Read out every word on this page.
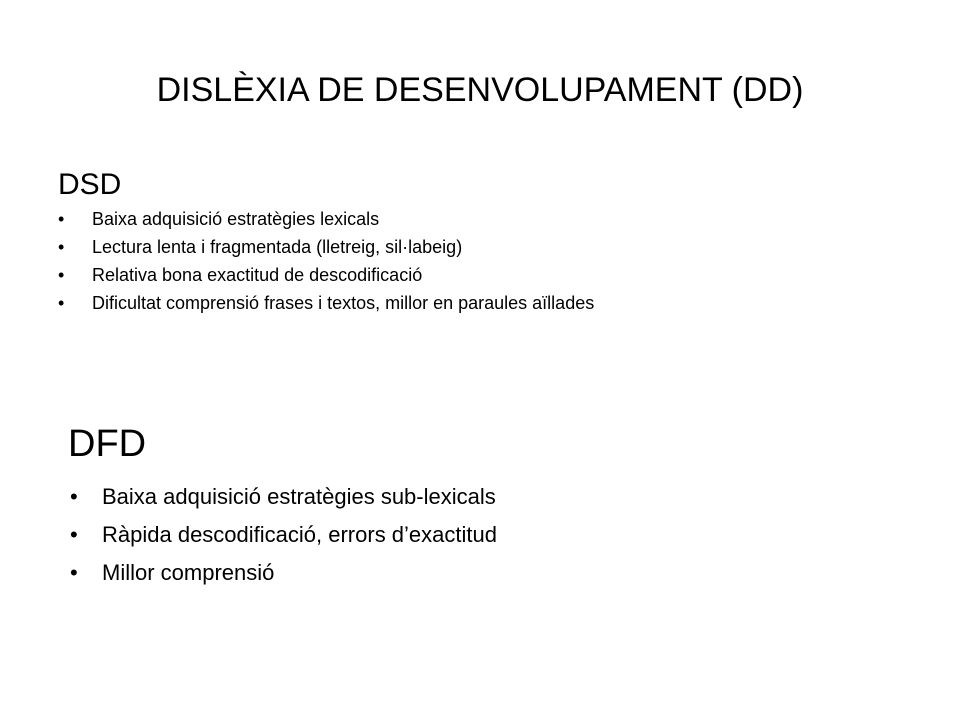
DISLÈXIA DE DESENVOLUPAMENT (DD)
DSD
•	Baixa adquisició estratègies lexicals
•	Lectura lenta i fragmentada (lletreig, sil·labeig)
•	Relativa bona exactitud de descodificació
•	Dificultat comprensió frases i textos, millor en paraules aïllades
DFD
•	Baixa adquisició estratègies sub-lexicals
•	Ràpida descodificació, errors d’exactitud
•	Millor comprensió
